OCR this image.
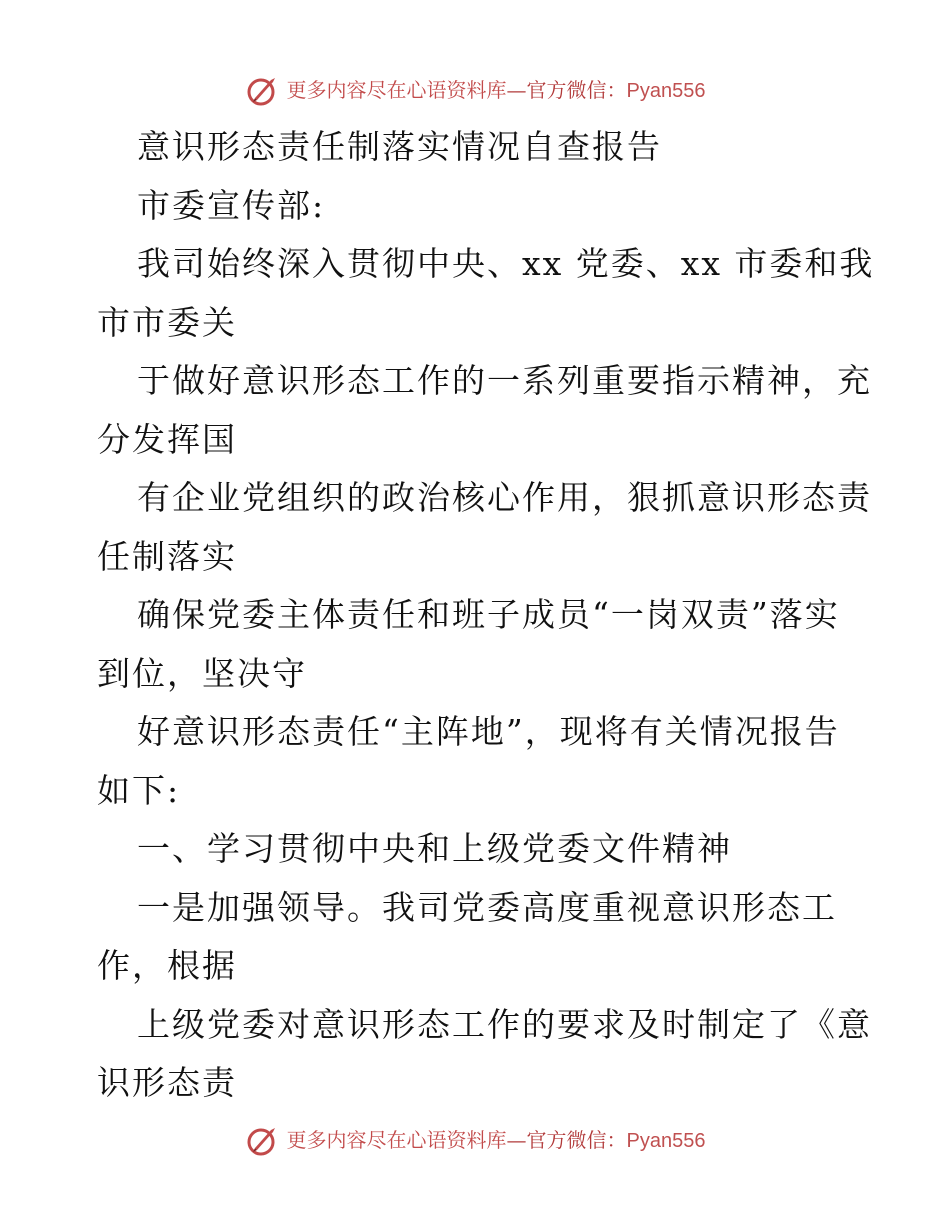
更多内容尽在心语资料库—官方微信：Pyan556
意识形态责任制落实情况自查报告
市委宣传部:
我司始终深入贯彻中央、xx 党委、xx 市委和我
市市委关
于做好意识形态工作的一系列重要指示精神，充
分发挥国
有企业党组织的政治核心作用，狠抓意识形态责
任制落实
确保党委主体责任和班子成员“一岗双责”落实
到位，坚决守
好意识形态责任“主阵地”，现将有关情况报告
如下:
一、学习贯彻中央和上级党委文件精神
一是加强领导。我司党委高度重视意识形态工
作，根据
上级党委对意识形态工作的要求及时制定了《意
识形态责
更多内容尽在心语资料库—官方微信：Pyan556
